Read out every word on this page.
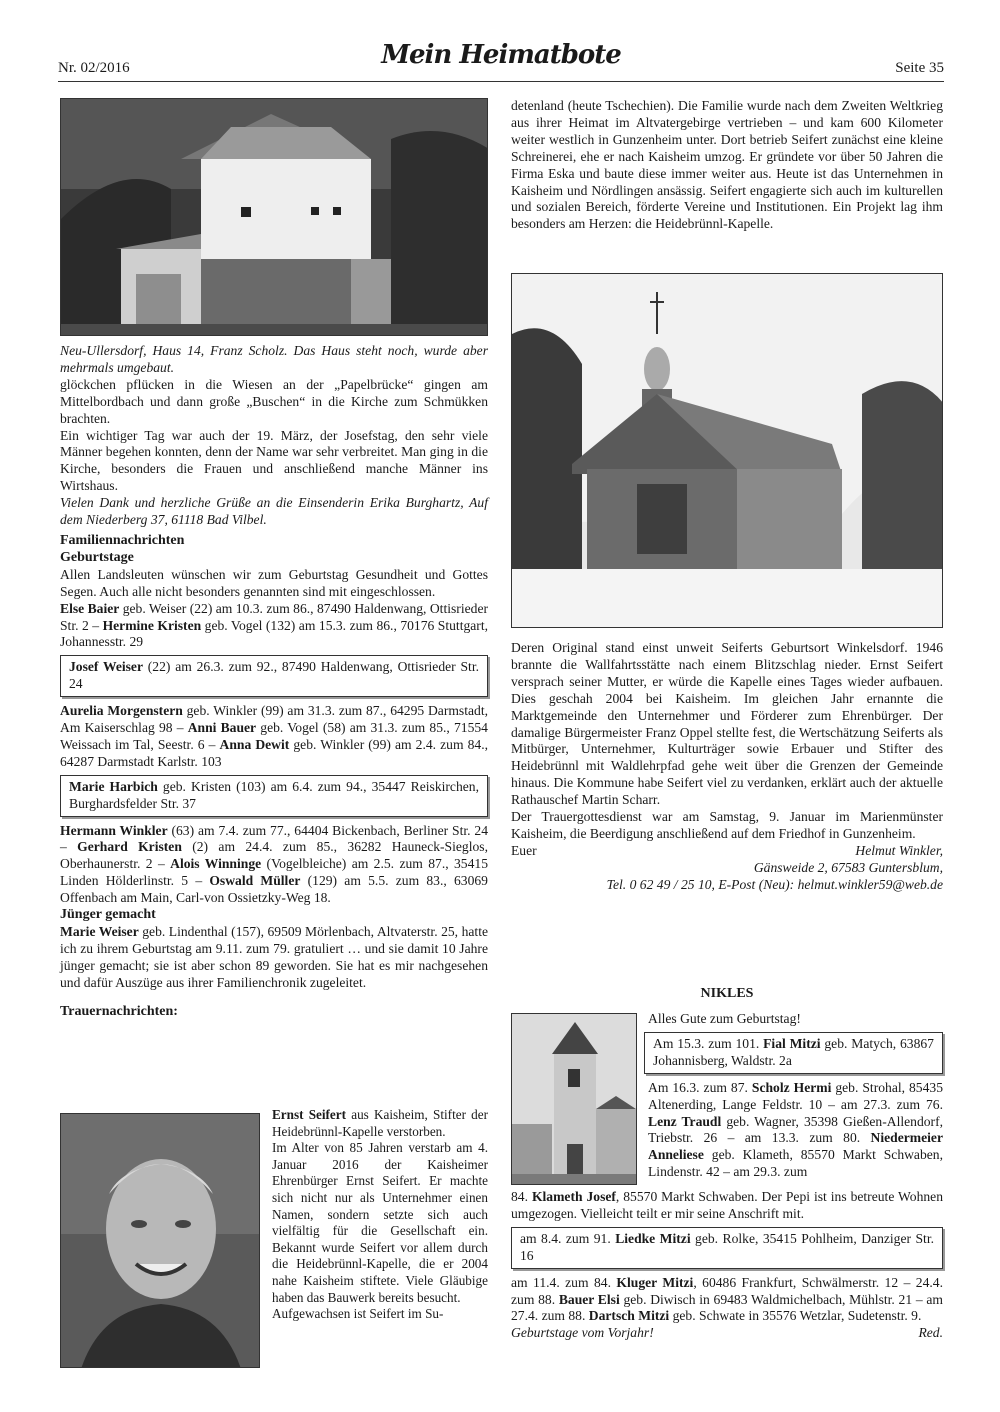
Nr. 02/2016	Mein Heimatbote	Seite 35

Neu-Ullersdorf, Haus 14, Franz Scholz. Das Haus steht noch, wurde aber mehrmals umgebaut.

glöckchen pflücken in die Wiesen an der „Papelbrücke“ gingen am Mittelbordbach und dann große „Buschen“ in die Kirche zum Schmükken brachten.

Ein wichtiger Tag war auch der 19. März, der Josefstag, den sehr viele Männer begehen konnten, denn der Name war sehr verbreitet. Man ging in die Kirche, besonders die Frauen und anschließend manche Männer ins Wirtshaus.

Vielen Dank und herzliche Grüße an die Einsenderin Erika Burghartz, Auf dem Niederberg 37, 61118 Bad Vilbel.

Familiennachrichten

Geburtstage

Allen Landsleuten wünschen wir zum Geburtstag Gesundheit und Gottes Segen. Auch alle nicht besonders genannten sind mit eingeschlossen.

Else Baier geb. Weiser (22) am 10.3. zum 86., 87490 Haldenwang, Ottisrieder Str. 2 – Hermine Kristen geb. Vogel (132) am 15.3. zum 86., 70176 Stuttgart, Johannesstr. 29

Josef Weiser (22) am 26.3. zum 92., 87490 Haldenwang, Ottisrieder Str. 24

Aurelia Morgenstern geb. Winkler (99) am 31.3. zum 87., 64295 Darmstadt, Am Kaiserschlag 98 – Anni Bauer geb. Vogel (58) am 31.3. zum 85., 71554 Weissach im Tal, Seestr. 6 – Anna Dewit geb. Winkler (99) am 2.4. zum 84., 64287 Darmstadt Karlstr. 103

Marie Harbich geb. Kristen (103) am 6.4. zum 94., 35447 Reiskirchen, Burghardsfelder Str. 37

Hermann Winkler (63) am 7.4. zum 77., 64404 Bickenbach, Berliner Str. 24 – Gerhard Kristen (2) am 24.4. zum 85., 36282 Hauneck-Sieglos, Oberhaunerstr. 2 – Alois Winninge (Vogelbleiche) am 2.5. zum 87., 35415 Linden Hölderlinstr. 5 – Oswald Müller (129) am 5.5. zum 83., 63069 Offenbach am Main, Carl-von Ossietzky-Weg 18.

Jünger gemacht

Marie Weiser geb. Lindenthal (157), 69509 Mörlenbach, Altvaterstr. 25, hatte ich zu ihrem Geburtstag am 9.11. zum 79. gratuliert … und sie damit 10 Jahre jünger gemacht; sie ist aber schon 89 geworden. Sie hat es mir nachgesehen und dafür Auszüge aus ihrer Familienchronik zugeleitet.

Trauernachrichten:

Ernst Seifert aus Kaisheim, Stifter der Heidebrünnl-Kapelle verstorben.

Im Alter von 85 Jahren verstarb am 4. Januar 2016 der Kaisheimer Ehrenbürger Ernst Seifert. Er machte sich nicht nur als Unternehmer einen Namen, sondern setzte sich auch vielfältig für die Gesellschaft ein. Bekannt wurde Seifert vor allem durch die Heidebrünnl-Kapelle, die er 2004 nahe Kaisheim stiftete. Viele Gläubige haben das Bauwerk bereits besucht.

Aufgewachsen ist Seifert im Su-

detenland (heute Tschechien). Die Familie wurde nach dem Zweiten Weltkrieg aus ihrer Heimat im Altvatergebirge vertrieben – und kam 600 Kilometer weiter westlich in Gunzenheim unter. Dort betrieb Seifert zunächst eine kleine Schreinerei, ehe er nach Kaisheim umzog. Er gründete vor über 50 Jahren die Firma Eska und baute diese immer weiter aus. Heute ist das Unternehmen in Kaisheim und Nördlingen ansässig. Seifert engagierte sich auch im kulturellen und sozialen Bereich, förderte Vereine und Institutionen. Ein Projekt lag ihm besonders am Herzen: die Heidebrünnl-Kapelle.

Deren Original stand einst unweit Seiferts Geburtsort Winkelsdorf. 1946 brannte die Wallfahrtsstätte nach einem Blitzschlag nieder. Ernst Seifert versprach seiner Mutter, er würde die Kapelle eines Tages wieder aufbauen. Dies geschah 2004 bei Kaisheim. Im gleichen Jahr ernannte die Marktgemeinde den Unternehmer und Förderer zum Ehrenbürger. Der damalige Bürgermeister Franz Oppel stellte fest, die Wertschätzung Seiferts als Mitbürger, Unternehmer, Kulturträger sowie Erbauer und Stifter des Heidebrünnl mit Waldlehrpfad gehe weit über die Grenzen der Gemeinde hinaus. Die Kommune habe Seifert viel zu verdanken, erklärt auch der aktuelle Rathauschef Martin Scharr.

Der Trauergottesdienst war am Samstag, 9. Januar im Marienmünster Kaisheim, die Beerdigung anschließend auf dem Friedhof in Gunzenheim.

Euer	Helmut Winkler,

Gänsweide 2, 67583 Guntersblum,

Tel. 0 62 49 / 25 10, E-Post (Neu): helmut.winkler59@web.de

NIKLES

Alles Gute zum Geburtstag!

Am 15.3. zum 101. Fial Mitzi geb. Matych, 63867 Johannisberg, Waldstr. 2a

Am 16.3. zum 87. Scholz Hermi geb. Strohal, 85435 Altenerding, Lange Feldstr. 10 – am 27.3. zum 76. Lenz Traudl geb. Wagner, 35398 Gießen-Allendorf, Triebstr. 26 – am 13.3. zum 80. Niedermeier Anneliese geb. Klameth, 85570 Markt Schwaben, Lindenstr. 42 – am 29.3. zum

84. Klameth Josef, 85570 Markt Schwaben. Der Pepi ist ins betreute Wohnen umgezogen. Vielleicht teilt er mir seine Anschrift mit.

am 8.4. zum 91. Liedke Mitzi geb. Rolke, 35415 Pohlheim, Danziger Str. 16

am 11.4. zum 84. Kluger Mitzi, 60486 Frankfurt, Schwälmerstr. 12 – 24.4. zum 88. Bauer Elsi geb. Diwisch in 69483 Waldmichelbach, Mühlstr. 21 – am 27.4. zum 88. Dartsch Mitzi geb. Schwate in 35576 Wetzlar, Sudetenstr. 9.

Geburtstage vom Vorjahr!	Red.
